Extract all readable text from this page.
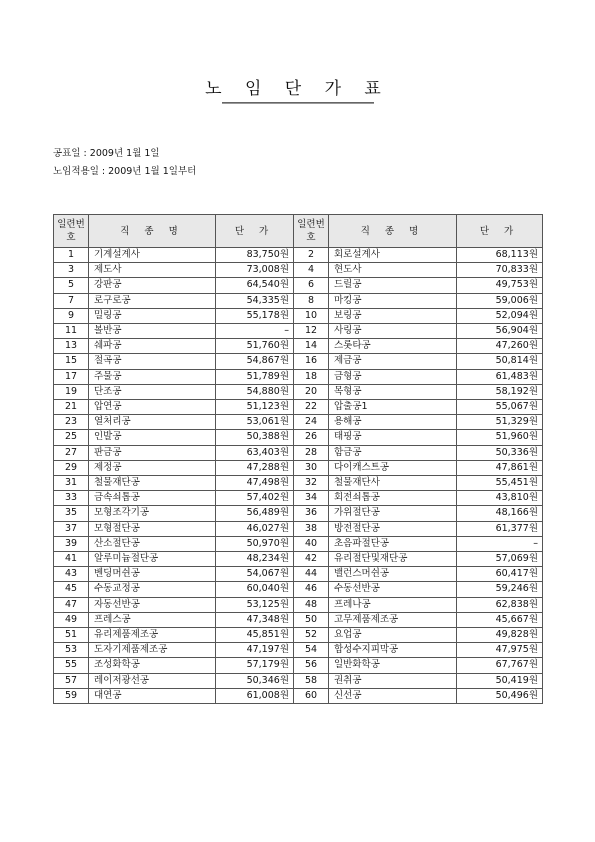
노 임 단 가 표
공표일 : 2009년 1월 1일
노임적용일 : 2009년 1월 1일부터
일련번호	직 종 명	단 가	일련번호	직 종 명	단 가
1	기계설계사	83,750원	2	회로설계사	68,113원
3	제도사	73,008원	4	현도사	70,833원
5	강판공	64,540원	6	드릴공	49,753원
7	로구로공	54,335원	8	마킹공	59,006원
9	밀링공	55,178원	10	보링공	52,094원
11	볼반공	–	12	사링공	56,904원
13	쉐파공	51,760원	14	스롯타공	47,260원
15	절곡공	54,867원	16	제금공	50,814원
17	주물공	51,789원	18	금형공	61,483원
19	단조공	54,880원	20	목형공	58,192원
21	압연공	51,123원	22	압출공1	55,067원
23	열처리공	53,061원	24	용해공	51,329원
25	인발공	50,388원	26	태핑공	51,960원
27	판금공	63,403원	28	함금공	50,336원
29	제정공	47,288원	30	다이캐스트공	47,861원
31	철물재단공	47,498원	32	철물재단사	55,451원
33	금속쇠톱공	57,402원	34	회전쇠톱공	43,810원
35	모형조각기공	56,489원	36	가위절단공	48,166원
37	모형절단공	46,027원	38	방전절단공	61,377원
39	산소절단공	50,970원	40	초음파절단공	–
41	알루미늄절단공	48,234원	42	유리절단및재단공	57,069원
43	벤딩머쉰공	54,067원	44	밸런스머쉰공	60,417원
45	수동교정공	60,040원	46	수동선반공	59,246원
47	자동선반공	53,125원	48	프레나공	62,838원
49	프레스공	47,348원	50	고무제품제조공	45,667원
51	유리제품제조공	45,851원	52	요업공	49,828원
53	도자기제품제조공	47,197원	54	합성수지피막공	47,975원
55	조성화학공	57,179원	56	일반화학공	67,767원
57	레이저광선공	50,346원	58	권취공	50,419원
59	대연공	61,008원	60	신선공	50,496원
